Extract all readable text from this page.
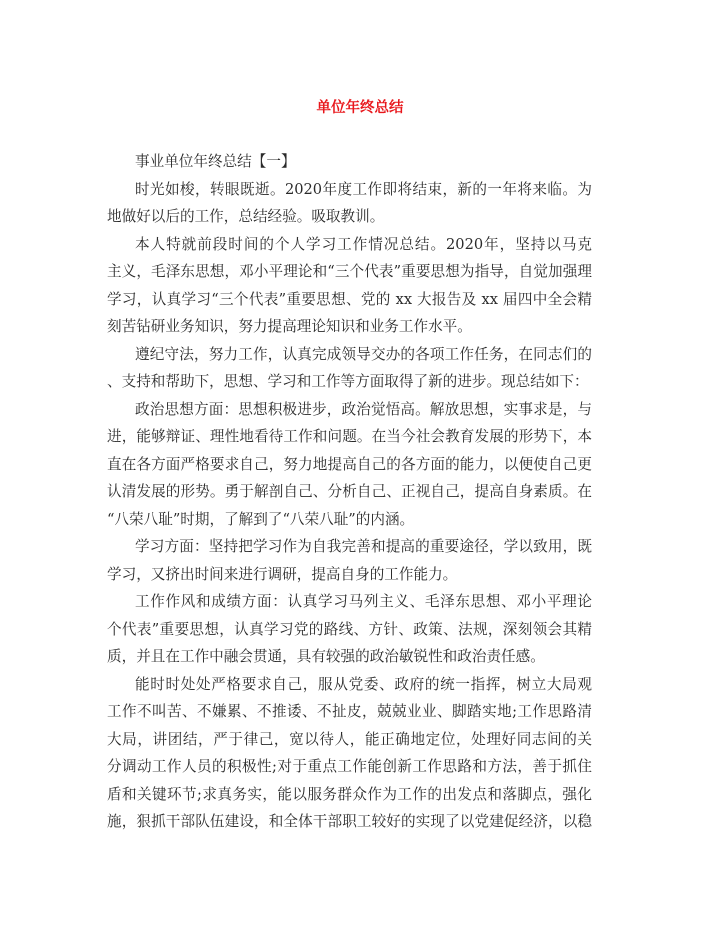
单位年终总结
事业单位年终总结【一】
时光如梭，转眼既逝。2020年度工作即将结束，新的一年将来临。为
地做好以后的工作，总结经验。吸取教训。
本人特就前段时间的个人学习工作情况总结。2020年，坚持以马克
主义，毛泽东思想，邓小平理论和“三个代表”重要思想为指导，自觉加强理
学习，认真学习“三个代表”重要思想、党的 xx 大报告及 xx 届四中全会精
刻苦钻研业务知识，努力提高理论知识和业务工作水平。
遵纪守法，努力工作，认真完成领导交办的各项工作任务，在同志们的
、支持和帮助下，思想、学习和工作等方面取得了新的进步。现总结如下：
政治思想方面：思想积极进步，政治觉悟高。解放思想，实事求是，与
进，能够辩证、理性地看待工作和问题。在当今社会教育发展的形势下，本
直在各方面严格要求自己，努力地提高自己的各方面的能力，以便使自己更
认清发展的形势。勇于解剖自己、分析自己、正视自己，提高自身素质。在
“八荣八耻”时期，了解到了“八荣八耻”的内涵。
学习方面：坚持把学习作为自我完善和提高的重要途径，学以致用，既
学习，又挤出时间来进行调研，提高自身的工作能力。
工作作风和成绩方面：认真学习马列主义、毛泽东思想、邓小平理论
个代表”重要思想，认真学习党的路线、方针、政策、法规，深刻领会其精
质，并且在工作中融会贯通，具有较强的政治敏锐性和政治责任感。
能时时处处严格要求自己，服从党委、政府的统一指挥，树立大局观
工作不叫苦、不嫌累、不推诿、不扯皮，兢兢业业、脚踏实地;工作思路清
大局，讲团结，严于律己，宽以待人，能正确地定位，处理好同志间的关
分调动工作人员的积极性;对于重点工作能创新工作思路和方法，善于抓住
盾和关键环节;求真务实，能以服务群众作为工作的出发点和落脚点，强化
施，狠抓干部队伍建设，和全体干部职工较好的实现了以党建促经济，以稳
